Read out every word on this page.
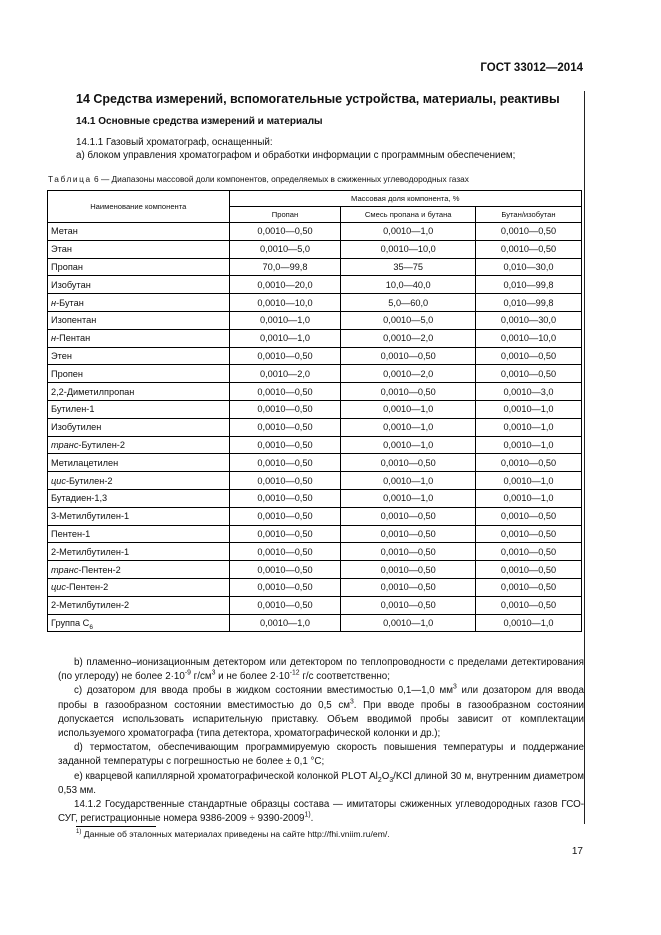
ГОСТ 33012—2014
14 Средства измерений, вспомогательные устройства, материалы, реактивы
14.1 Основные средства измерений и материалы
14.1.1 Газовый хроматограф, оснащенный:
а) блоком управления хроматографом и обработки информации с программным обеспечением;
Таблица 6 — Диапазоны массовой доли компонентов, определяемых в сжиженных углеводородных газах
Наименование компонента	Массовая доля компонента, %		
	Пропан	Смесь пропана и бутана	Бутан/изобутан
Метан	0,0010—0,50	0,0010—1,0	0,0010—0,50
Этан	0,0010—5,0	0,0010—10,0	0,0010—0,50
Пропан	70,0—99,8	35—75	0,010—30,0
Изобутан	0,0010—20,0	10,0—40,0	0,010—99,8
н-Бутан	0,0010—10,0	5,0—60,0	0,010—99,8
Изопентан	0,0010—1,0	0,0010—5,0	0,0010—30,0
н-Пентан	0,0010—1,0	0,0010—2,0	0,0010—10,0
Этен	0,0010—0,50	0,0010—0,50	0,0010—0,50
Пропен	0,0010—2,0	0,0010—2,0	0,0010—0,50
2,2-Диметилпропан	0,0010—0,50	0,0010—0,50	0,0010—3,0
Бутилен-1	0,0010—0,50	0,0010—1,0	0,0010—1,0
Изобутилен	0,0010—0,50	0,0010—1,0	0,0010—1,0
транс-Бутилен-2	0,0010—0,50	0,0010—1,0	0,0010—1,0
Метилацетилен	0,0010—0,50	0,0010—0,50	0,0010—0,50
цис-Бутилен-2	0,0010—0,50	0,0010—1,0	0,0010—1,0
Бутадиен-1,3	0,0010—0,50	0,0010—1,0	0,0010—1,0
3-Метилбутилен-1	0,0010—0,50	0,0010—0,50	0,0010—0,50
Пентен-1	0,0010—0,50	0,0010—0,50	0,0010—0,50
2-Метилбутилен-1	0,0010—0,50	0,0010—0,50	0,0010—0,50
транс-Пентен-2	0,0010—0,50	0,0010—0,50	0,0010—0,50
цис-Пентен-2	0,0010—0,50	0,0010—0,50	0,0010—0,50
2-Метилбутилен-2	0,0010—0,50	0,0010—0,50	0,0010—0,50
Группа $C_6$	0,0010—1,0	0,0010—1,0	0,0010—1,0

b) пламенно–ионизационным детектором или детектором по теплопроводности с пределами детектирования (по углероду) не более $2\cdot 10^{-9}$ $г/см^3$ и не более $2\cdot 10^{-12}$ г/с соответственно;

с) дозатором для ввода пробы в жидком состоянии вместимостью 0,1—1,0 $мм^3$ или дозатором для ввода пробы в газообразном состоянии вместимостью до 0,5 $см^3$. При вводе пробы в газообразном состоянии допускается использовать испарительную приставку. Объем вводимой пробы зависит от комплектации используемого хроматографа (типа детектора, хроматографической колонки и др.);

d) термостатом, обеспечивающим программируемую скорость повышения температуры и поддержание заданной температуры с погрешностью не более ± 0,1 °С;

е) кварцевой капиллярной хроматографической колонкой PLOT $Al_2O_3$/KCl длиной 30 м, внутренним диаметром 0,53 мм.

14.1.2 Государственные стандартные образцы состава — имитаторы сжиженных углеводородных газов ГСО-СУГ, регистрационные номера $9386-2009 \div 9390-2009^{1)}$.

$^{1)}$ Данные об эталонных материалах приведены на сайте http://fhi.vniim.ru/em/.
17
